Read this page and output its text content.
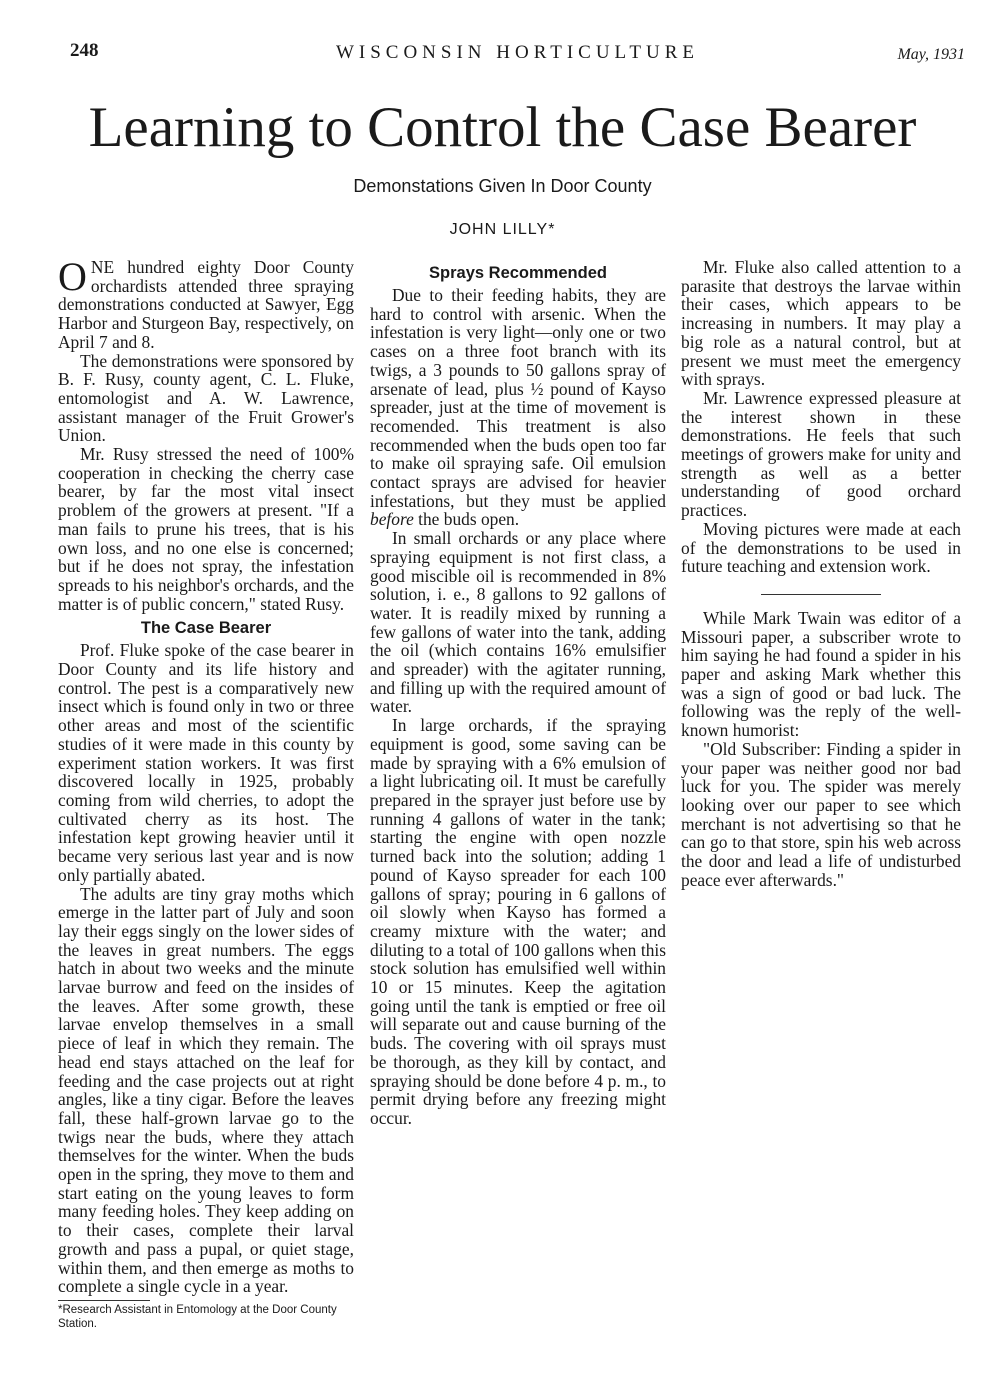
248	WISCONSIN HORTICULTURE	May, 1931
Learning to Control the Case Bearer
Demonstations Given In Door County
JOHN LILLY*

ONE hundred eighty Door County orchardists attended three spraying demonstrations conducted at Sawyer, Egg Harbor and Sturgeon Bay, respectively, on April 7 and 8.

The demonstrations were sponsored by B. F. Rusy, county agent, C. L. Fluke, entomologist and A. W. Lawrence, assistant manager of the Fruit Grower's Union.

Mr. Rusy stressed the need of 100% cooperation in checking the cherry case bearer, by far the most vital insect problem of the growers at present. "If a man fails to prune his trees, that is his own loss, and no one else is concerned; but if he does not spray, the infestation spreads to his neighbor's orchards, and the matter is of public concern," stated Rusy.

The Case Bearer

Prof. Fluke spoke of the case bearer in Door County and its life history and control. The pest is a comparatively new insect which is found only in two or three other areas and most of the scientific studies of it were made in this county by experiment station workers. It was first discovered locally in 1925, probably coming from wild cherries, to adopt the cultivated cherry as its host. The infestation kept growing heavier until it became very serious last year and is now only partially abated.

The adults are tiny gray moths which emerge in the latter part of July and soon lay their eggs singly on the lower sides of the leaves in great numbers. The eggs hatch in about two weeks and the minute larvae burrow and feed on the insides of the leaves. After some growth, these larvae envelop themselves in a small piece of leaf in which they remain. The head end stays attached on the leaf for feeding and the case projects out at right angles, like a tiny cigar. Before the leaves fall, these half-grown larvae go to the twigs near the buds, where they attach themselves for the winter. When the buds open in the spring, they move to them and start eating on the young leaves to form many feeding holes. They keep adding on to their cases, complete their larval growth and pass a pupal, or quiet stage, within them, and then emerge as moths to complete a single cycle in a year.

Sprays Recommended

Due to their feeding habits, they are hard to control with arsenic. When the infestation is very light—only one or two cases on a three foot branch with its twigs, a 3 pounds to 50 gallons spray of arsenate of lead, plus ½ pound of Kayso spreader, just at the time of movement is recomended. This treatment is also recommended when the buds open too far to make oil spraying safe. Oil emulsion contact sprays are advised for heavier infestations, but they must be applied before the buds open.

In small orchards or any place where spraying equipment is not first class, a good miscible oil is recommended in 8% solution, i. e., 8 gallons to 92 gallons of water. It is readily mixed by running a few gallons of water into the tank, adding the oil (which contains 16% emulsifier and spreader) with the agitater running, and filling up with the required amount of water.

In large orchards, if the spraying equipment is good, some saving can be made by spraying with a 6% emulsion of a light lubricating oil. It must be carefully prepared in the sprayer just before use by running 4 gallons of water in the tank; starting the engine with open nozzle turned back into the solution; adding 1 pound of Kayso spreader for each 100 gallons of spray; pouring in 6 gallons of oil slowly when Kayso has formed a creamy mixture with the water; and diluting to a total of 100 gallons when this stock solution has emulsified well within 10 or 15 minutes. Keep the agitation going until the tank is emptied or free oil will separate out and cause burning of the buds. The covering with oil sprays must be thorough, as they kill by contact, and spraying should be done before 4 p. m., to permit drying before any freezing might occur.

Mr. Fluke also called attention to a parasite that destroys the larvae within their cases, which appears to be increasing in numbers. It may play a big role as a natural control, but at present we must meet the emergency with sprays.

Mr. Lawrence expressed pleasure at the interest shown in these demonstrations. He feels that such meetings of growers make for unity and strength as well as a better understanding of good orchard practices.

Moving pictures were made at each of the demonstrations to be used in future teaching and extension work.

While Mark Twain was editor of a Missouri paper, a subscriber wrote to him saying he had found a spider in his paper and asking Mark whether this was a sign of good or bad luck. The following was the reply of the well-known humorist:

"Old Subscriber: Finding a spider in your paper was neither good nor bad luck for you. The spider was merely looking over our paper to see which merchant is not advertising so that he can go to that store, spin his web across the door and lead a life of undisturbed peace ever afterwards."

*Research Assistant in Entomology at the Door County Station.
